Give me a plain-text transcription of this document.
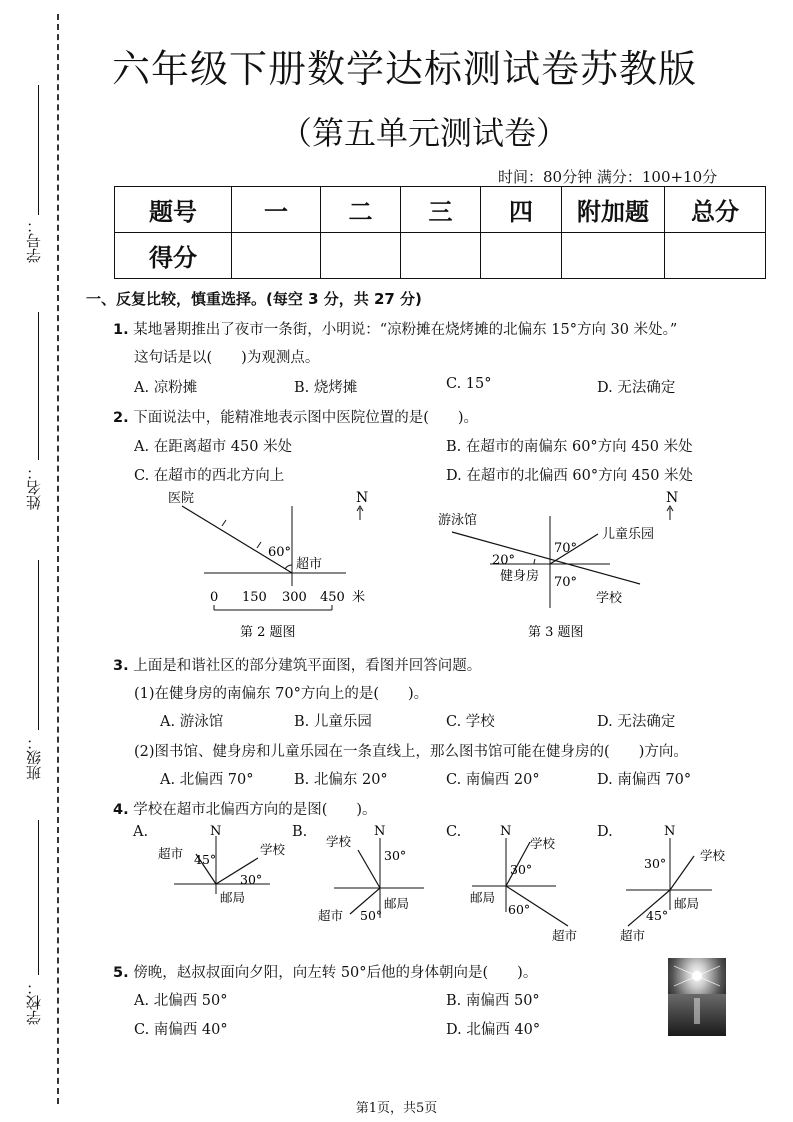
学号：
姓名：
班级：
学校：
六年级下册数学达标测试卷苏教版
（第五单元测试卷）
时间：80分钟 满分：100+10分
题号	一	二	三	四	附加题	总分
得分						
一、反复比较，慎重选择。(每空 3 分，共 27 分)
1. 某地暑期推出了夜市一条街，小明说：“凉粉摊在烧烤摊的北偏东 15°方向 30 米处。”
这句话是以(　　)为观测点。
A. 凉粉摊	B. 烧烤摊	C. 15°	D. 无法确定
2. 下面说法中，能精准地表示图中医院位置的是(　　)。
A. 在距离超市 450 米处	B. 在超市的南偏东 60°方向 450 米处
C. 在超市的西北方向上	D. 在超市的北偏西 60°方向 450 米处
医院
60°
超市
N
0 150 300 450 米
第 2 题图
游泳馆
儿童乐园
健身房
学校
20°
70°
70°
N
第 3 题图
3. 上面是和谐社区的部分建筑平面图，看图并回答问题。
(1)在健身房的南偏东 70°方向上的是(　　)。
A. 游泳馆	B. 儿童乐园	C. 学校	D. 无法确定
(2)图书馆、健身房和儿童乐园在一条直线上，那么图书馆可能在健身房的(　　)方向。
A. 北偏西 70°	B. 北偏东 20°	C. 南偏西 20°	D. 南偏西 70°
4. 学校在超市北偏西方向的是图(　　)。
A.	N
超市	学校
邮局
45°
30°
B.	N
学校
30°
超市 50°
邮局
C.	N
学校
30°
邮局
60°
超市
D.	N
学校
30°
邮局
45°
超市
5. 傍晚，赵叔叔面向夕阳，向左转 50°后他的身体朝向是(　　)。
A. 北偏西 50°	B. 南偏西 50°
C. 南偏西 40°	D. 北偏西 40°
第1页，共5页
